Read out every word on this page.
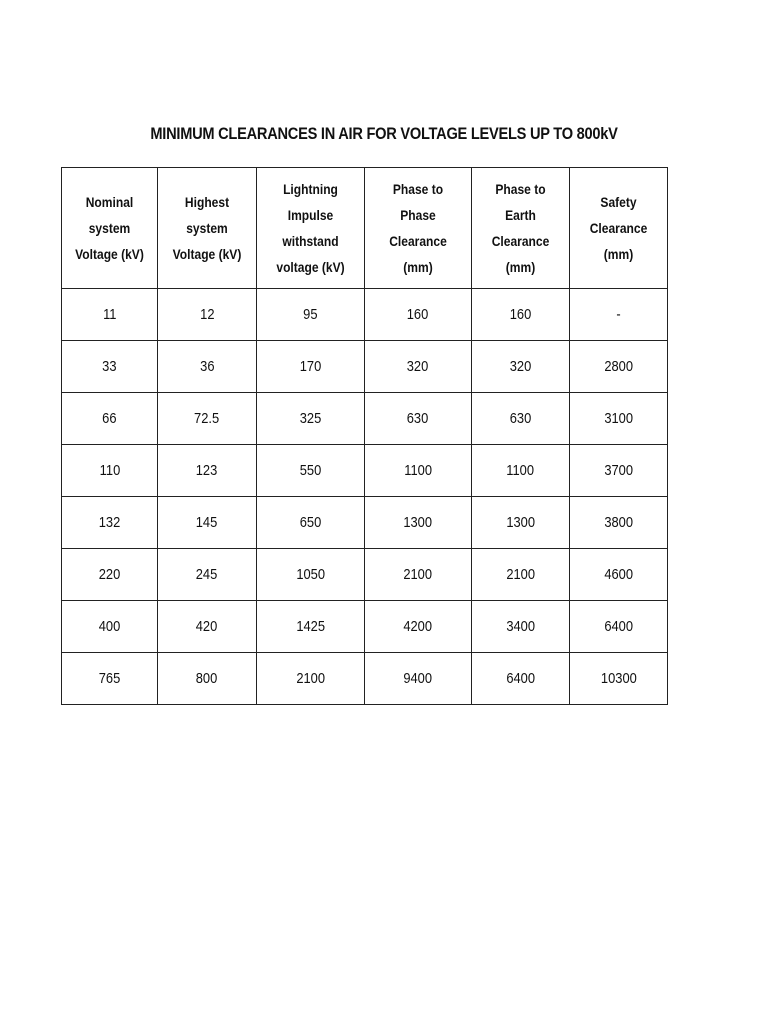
MINIMUM CLEARANCES IN AIR FOR VOLTAGE LEVELS UP TO 800kV
Nominal system Voltage (kV)	Highest system Voltage (kV)	Lightning Impulse withstand voltage (kV)	Phase to Phase Clearance (mm)	Phase to Earth Clearance (mm)	Safety Clearance (mm)
11	12	95	160	160	-
33	36	170	320	320	2800
66	72.5	325	630	630	3100
110	123	550	1100	1100	3700
132	145	650	1300	1300	3800
220	245	1050	2100	2100	4600
400	420	1425	4200	3400	6400
765	800	2100	9400	6400	10300
